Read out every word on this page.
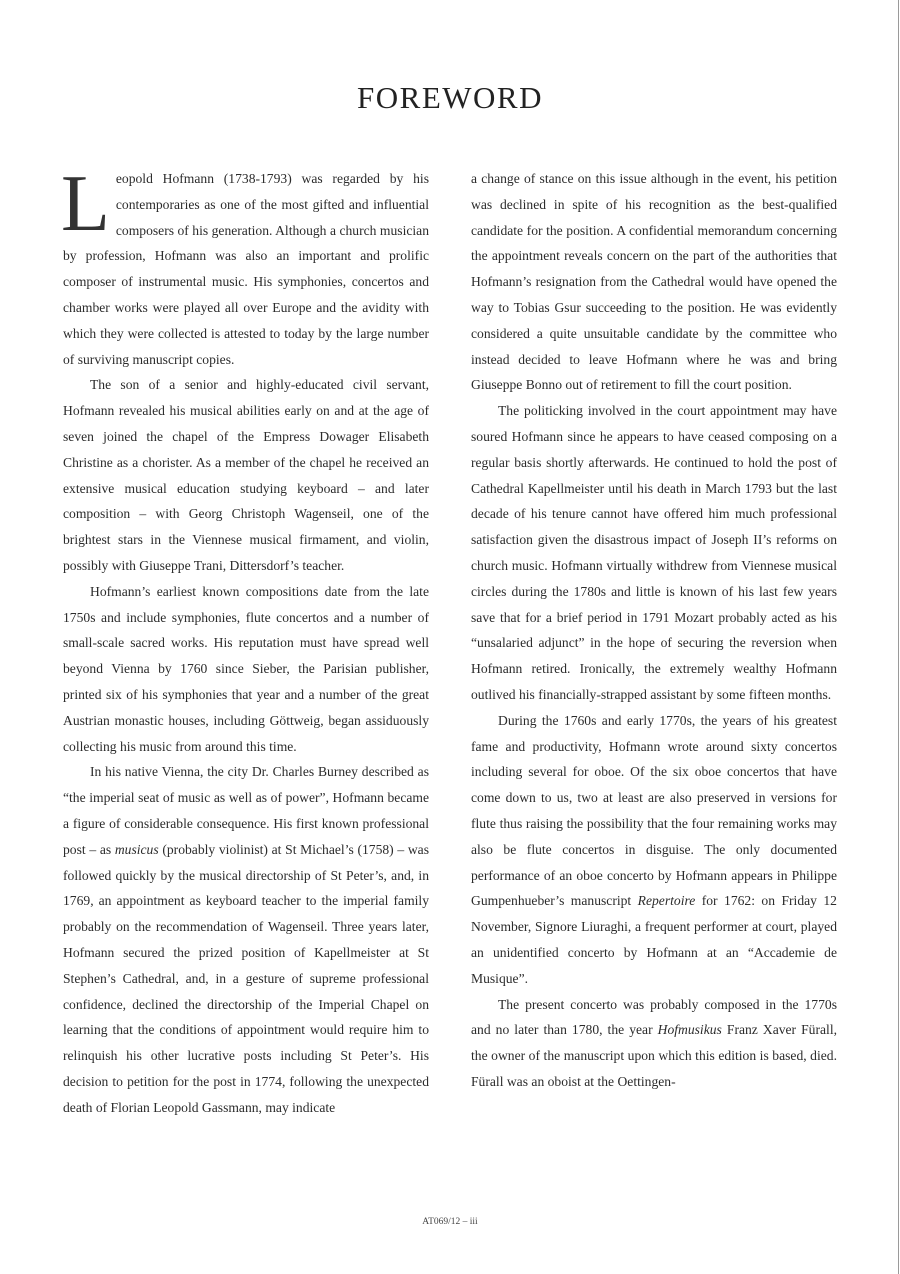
FOREWORD

Leopold Hofmann (1738-1793) was regarded by his contemporaries as one of the most gifted and influential composers of his generation. Although a church musician by profession, Hofmann was also an important and prolific composer of instrumental music. His symphonies, concertos and chamber works were played all over Europe and the avidity with which they were collected is attested to today by the large number of surviving manuscript copies.

The son of a senior and highly-educated civil servant, Hofmann revealed his musical abilities early on and at the age of seven joined the chapel of the Empress Dowager Elisabeth Christine as a chorister. As a member of the chapel he received an extensive musical education studying keyboard – and later composition – with Georg Christoph Wagenseil, one of the brightest stars in the Viennese musical firmament, and violin, possibly with Giuseppe Trani, Dittersdorf’s teacher.

Hofmann’s earliest known compositions date from the late 1750s and include symphonies, flute concertos and a number of small-scale sacred works. His reputation must have spread well beyond Vienna by 1760 since Sieber, the Parisian publisher, printed six of his symphonies that year and a number of the great Austrian monastic houses, including Göttweig, began assiduously collecting his music from around this time.

In his native Vienna, the city Dr. Charles Burney described as “the imperial seat of music as well as of power”, Hofmann became a figure of considerable consequence. His first known professional post – as musicus (probably violinist) at St Michael’s (1758) – was followed quickly by the musical directorship of St Peter’s, and, in 1769, an appointment as keyboard teacher to the imperial family probably on the recommendation of Wagenseil. Three years later, Hofmann secured the prized position of Kapellmeister at St Stephen’s Cathedral, and, in a gesture of supreme professional confidence, declined the directorship of the Imperial Chapel on learning that the conditions of appointment would require him to relinquish his other lucrative posts including St Peter’s. His decision to petition for the post in 1774, following the unexpected death of Florian Leopold Gassmann, may indicate

a change of stance on this issue although in the event, his petition was declined in spite of his recognition as the best-qualified candidate for the position. A confidential memorandum concerning the appointment reveals concern on the part of the authorities that Hofmann’s resignation from the Cathedral would have opened the way to Tobias Gsur succeeding to the position. He was evidently considered a quite unsuitable candidate by the committee who instead decided to leave Hofmann where he was and bring Giuseppe Bonno out of retirement to fill the court position.

The politicking involved in the court appointment may have soured Hofmann since he appears to have ceased composing on a regular basis shortly afterwards. He continued to hold the post of Cathedral Kapellmeister until his death in March 1793 but the last decade of his tenure cannot have offered him much professional satisfaction given the disastrous impact of Joseph II’s reforms on church music. Hofmann virtually withdrew from Viennese musical circles during the 1780s and little is known of his last few years save that for a brief period in 1791 Mozart probably acted as his “unsalaried adjunct” in the hope of securing the reversion when Hofmann retired. Ironically, the extremely wealthy Hofmann outlived his financially-strapped assistant by some fifteen months.

During the 1760s and early 1770s, the years of his greatest fame and productivity, Hofmann wrote around sixty concertos including several for oboe. Of the six oboe concertos that have come down to us, two at least are also preserved in versions for flute thus raising the possibility that the four remaining works may also be flute concertos in disguise. The only documented performance of an oboe concerto by Hofmann appears in Philippe Gumpenhueber’s manuscript Repertoire for 1762: on Friday 12 November, Signore Liuraghi, a frequent performer at court, played an unidentified concerto by Hofmann at an “Accademie de Musique”.

The present concerto was probably composed in the 1770s and no later than 1780, the year Hofmusikus Franz Xaver Fürall, the owner of the manuscript upon which this edition is based, died. Fürall was an oboist at the Oettingen-

AT069/12 – iii
